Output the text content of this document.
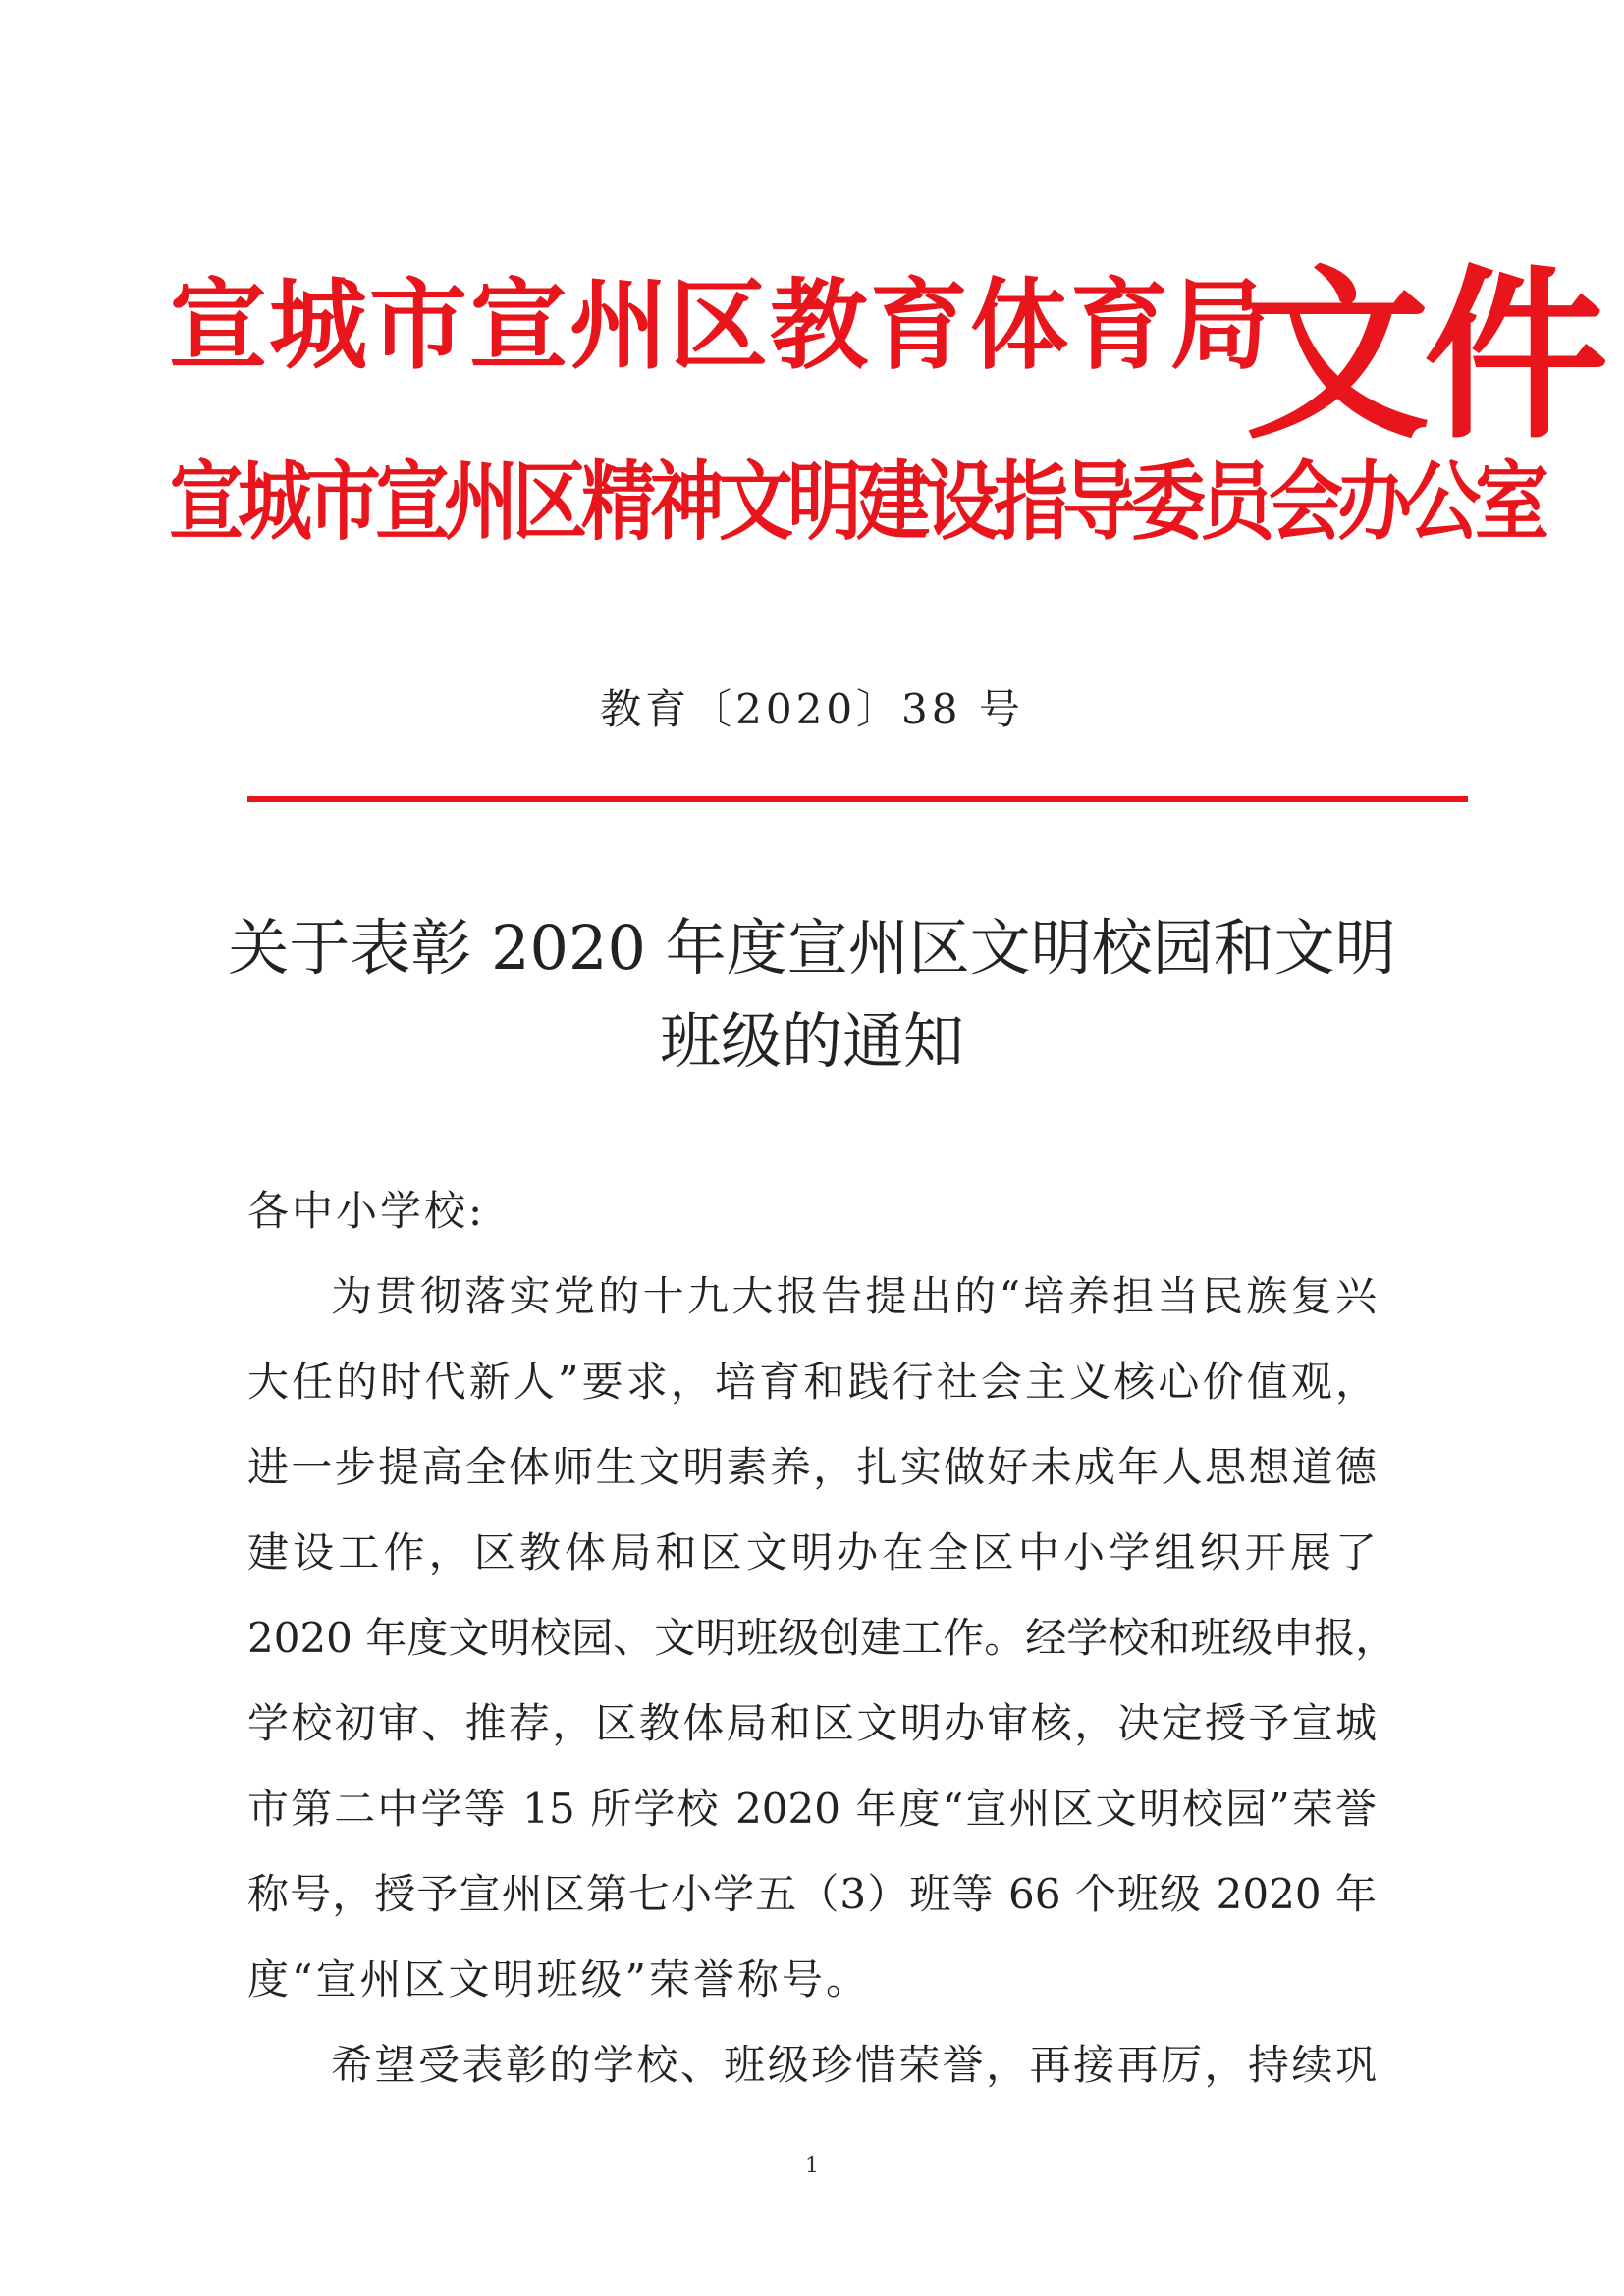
宣城市宣州区教育体育局
宣城市宣州区精神文明建设指导委员会办公室
文件
教育〔2020〕38 号
关于表彰 2020 年度宣州区文明校园和文明
班级的通知

各中小学校:

为贯彻落实党的十九大报告提出的“培养担当民族复兴

大任的时代新人”要求，培育和践行社会主义核心价值观，

进一步提高全体师生文明素养，扎实做好未成年人思想道德

建设工作，区教体局和区文明办在全区中小学组织开展了

2020 年度文明校园、文明班级创建工作。经学校和班级申报，

学校初审、推荐，区教体局和区文明办审核，决定授予宣城

市第二中学等 15 所学校 2020 年度“宣州区文明校园”荣誉

称号，授予宣州区第七小学五（3）班等 66 个班级 2020 年

度“宣州区文明班级”荣誉称号。

希望受表彰的学校、班级珍惜荣誉，再接再厉，持续巩

1
